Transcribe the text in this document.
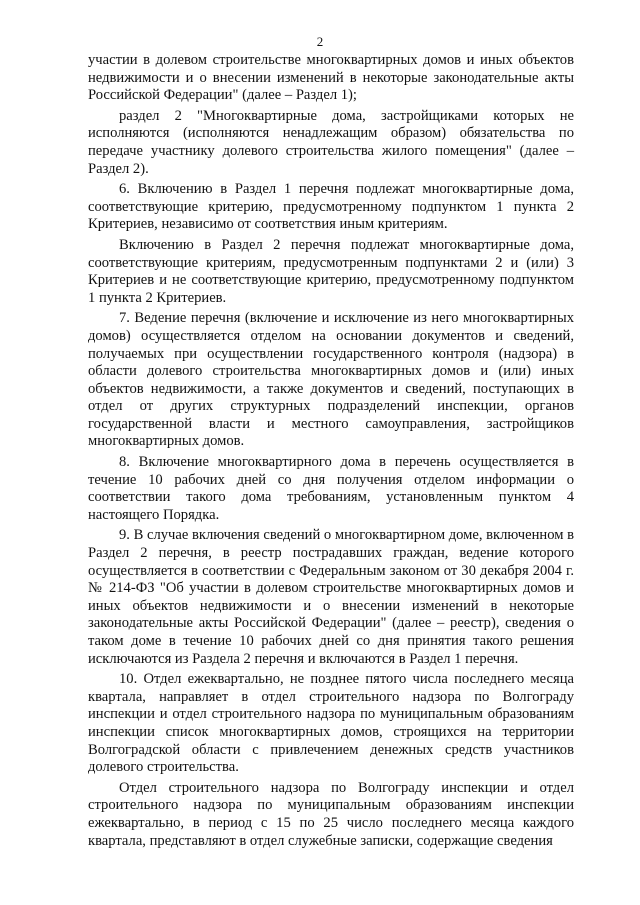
2

участии в долевом строительстве многоквартирных домов и иных объектов недвижимости и о внесении изменений в некоторые законодательные акты Российской Федерации" (далее – Раздел 1);

раздел 2 "Многоквартирные дома, застройщиками которых не исполняются (исполняются ненадлежащим образом) обязательства по передаче участнику долевого строительства жилого помещения" (далее – Раздел 2).

6. Включению в Раздел 1 перечня подлежат многоквартирные дома, соответствующие критерию, предусмотренному подпунктом 1 пункта 2 Критериев, независимо от соответствия иным критериям.

Включению в Раздел 2 перечня подлежат многоквартирные дома, соответствующие критериям, предусмотренным подпунктами 2 и (или) 3 Критериев и не соответствующие критерию, предусмотренному подпунктом 1 пункта 2 Критериев.

7. Ведение перечня (включение и исключение из него многоквартирных домов) осуществляется отделом на основании документов и сведений, получаемых при осуществлении государственного контроля (надзора) в области долевого строительства многоквартирных домов и (или) иных объектов недвижимости, а также документов и сведений, поступающих в отдел от других структурных подразделений инспекции, органов государственной власти и местного самоуправления, застройщиков многоквартирных домов.

8. Включение многоквартирного дома в перечень осуществляется в течение 10 рабочих дней со дня получения отделом информации о соответствии такого дома требованиям, установленным пунктом 4 настоящего Порядка.

9. В случае включения сведений о многоквартирном доме, включенном в Раздел 2 перечня, в реестр пострадавших граждан, ведение которого осуществляется в соответствии с Федеральным законом от 30 декабря 2004 г. № 214-ФЗ "Об участии в долевом строительстве многоквартирных домов и иных объектов недвижимости и о внесении изменений в некоторые законодательные акты Российской Федерации" (далее – реестр), сведения о таком доме в течение 10 рабочих дней со дня принятия такого решения исключаются из Раздела 2 перечня и включаются в Раздел 1 перечня.

10. Отдел ежеквартально, не позднее пятого числа последнего месяца квартала, направляет в отдел строительного надзора по Волгограду инспекции и отдел строительного надзора по муниципальным образованиям инспекции список многоквартирных домов, строящихся на территории Волгоградской области с привлечением денежных средств участников долевого строительства.

Отдел строительного надзора по Волгограду инспекции и отдел строительного надзора по муниципальным образованиям инспекции ежеквартально, в период с 15 по 25 число последнего месяца каждого квартала, представляют в отдел служебные записки, содержащие сведения
